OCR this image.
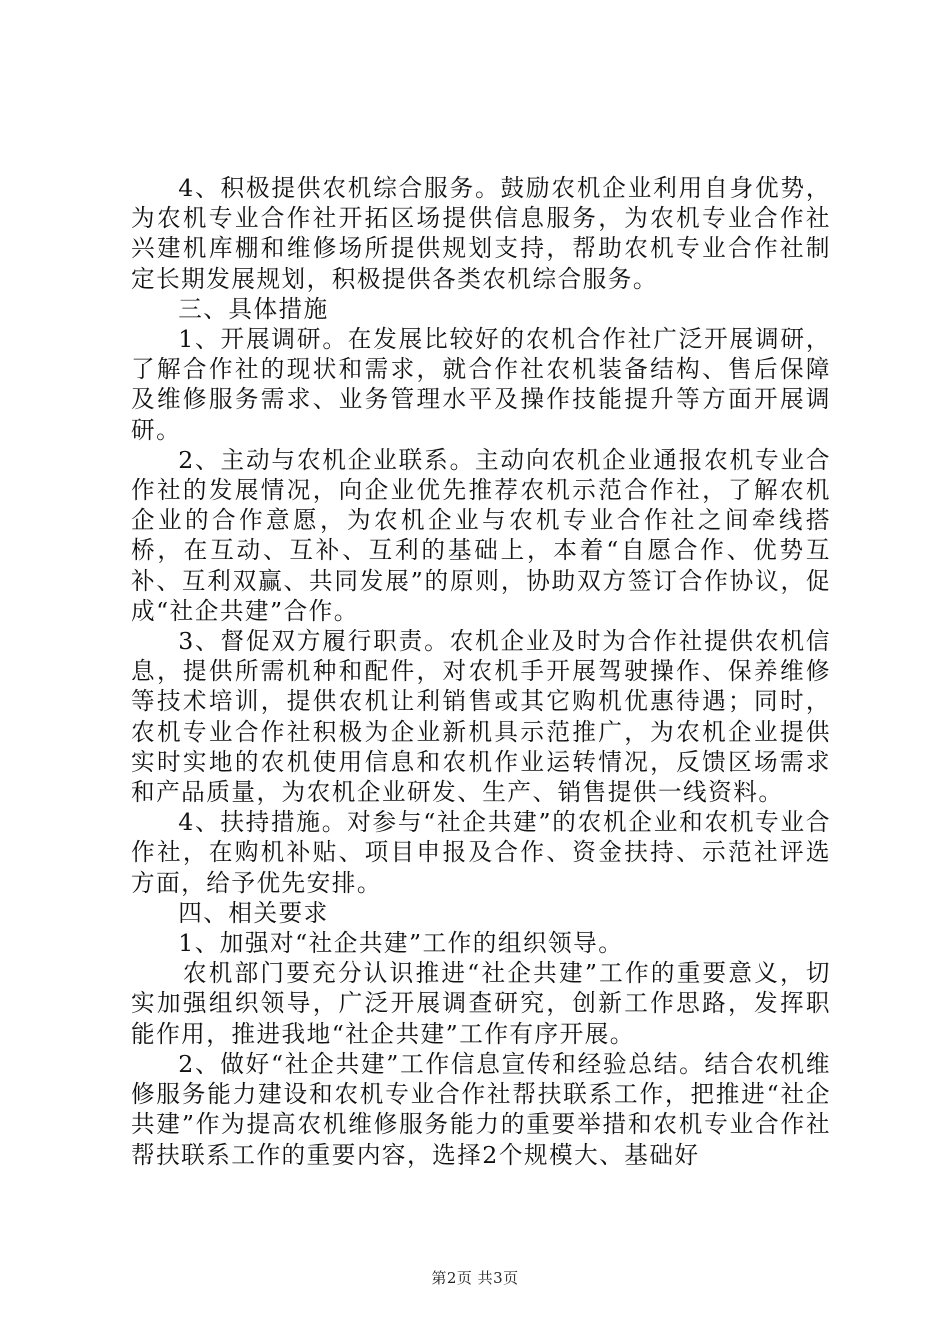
4、积极提供农机综合服务。鼓励农机企业利用自身优势，为农机专业合作社开拓区场提供信息服务，为农机专业合作社兴建机库棚和维修场所提供规划支持，帮助农机专业合作社制定长期发展规划，积极提供各类农机综合服务。

三、具体措施

1、开展调研。在发展比较好的农机合作社广泛开展调研，了解合作社的现状和需求，就合作社农机装备结构、售后保障及维修服务需求、业务管理水平及操作技能提升等方面开展调研。

2、主动与农机企业联系。主动向农机企业通报农机专业合作社的发展情况，向企业优先推荐农机示范合作社，了解农机企业的合作意愿，为农机企业与农机专业合作社之间牵线搭桥，在互动、互补、互利的基础上，本着“自愿合作、优势互补、互利双赢、共同发展”的原则，协助双方签订合作协议，促成“社企共建”合作。

3、督促双方履行职责。农机企业及时为合作社提供农机信息，提供所需机种和配件，对农机手开展驾驶操作、保养维修等技术培训，提供农机让利销售或其它购机优惠待遇；同时，农机专业合作社积极为企业新机具示范推广，为农机企业提供实时实地的农机使用信息和农机作业运转情况，反馈区场需求和产品质量，为农机企业研发、生产、销售提供一线资料。

4、扶持措施。对参与“社企共建”的农机企业和农机专业合作社，在购机补贴、项目申报及合作、资金扶持、示范社评选方面，给予优先安排。

四、相关要求

1、加强对“社企共建”工作的组织领导。

农机部门要充分认识推进“社企共建”工作的重要意义，切实加强组织领导，广泛开展调查研究，创新工作思路，发挥职能作用，推进我地“社企共建”工作有序开展。

2、做好“社企共建”工作信息宣传和经验总结。结合农机维修服务能力建设和农机专业合作社帮扶联系工作，把推进“社企共建”作为提高农机维修服务能力的重要举措和农机专业合作社帮扶联系工作的重要内容，选择2个规模大、基础好

第2页 共3页
